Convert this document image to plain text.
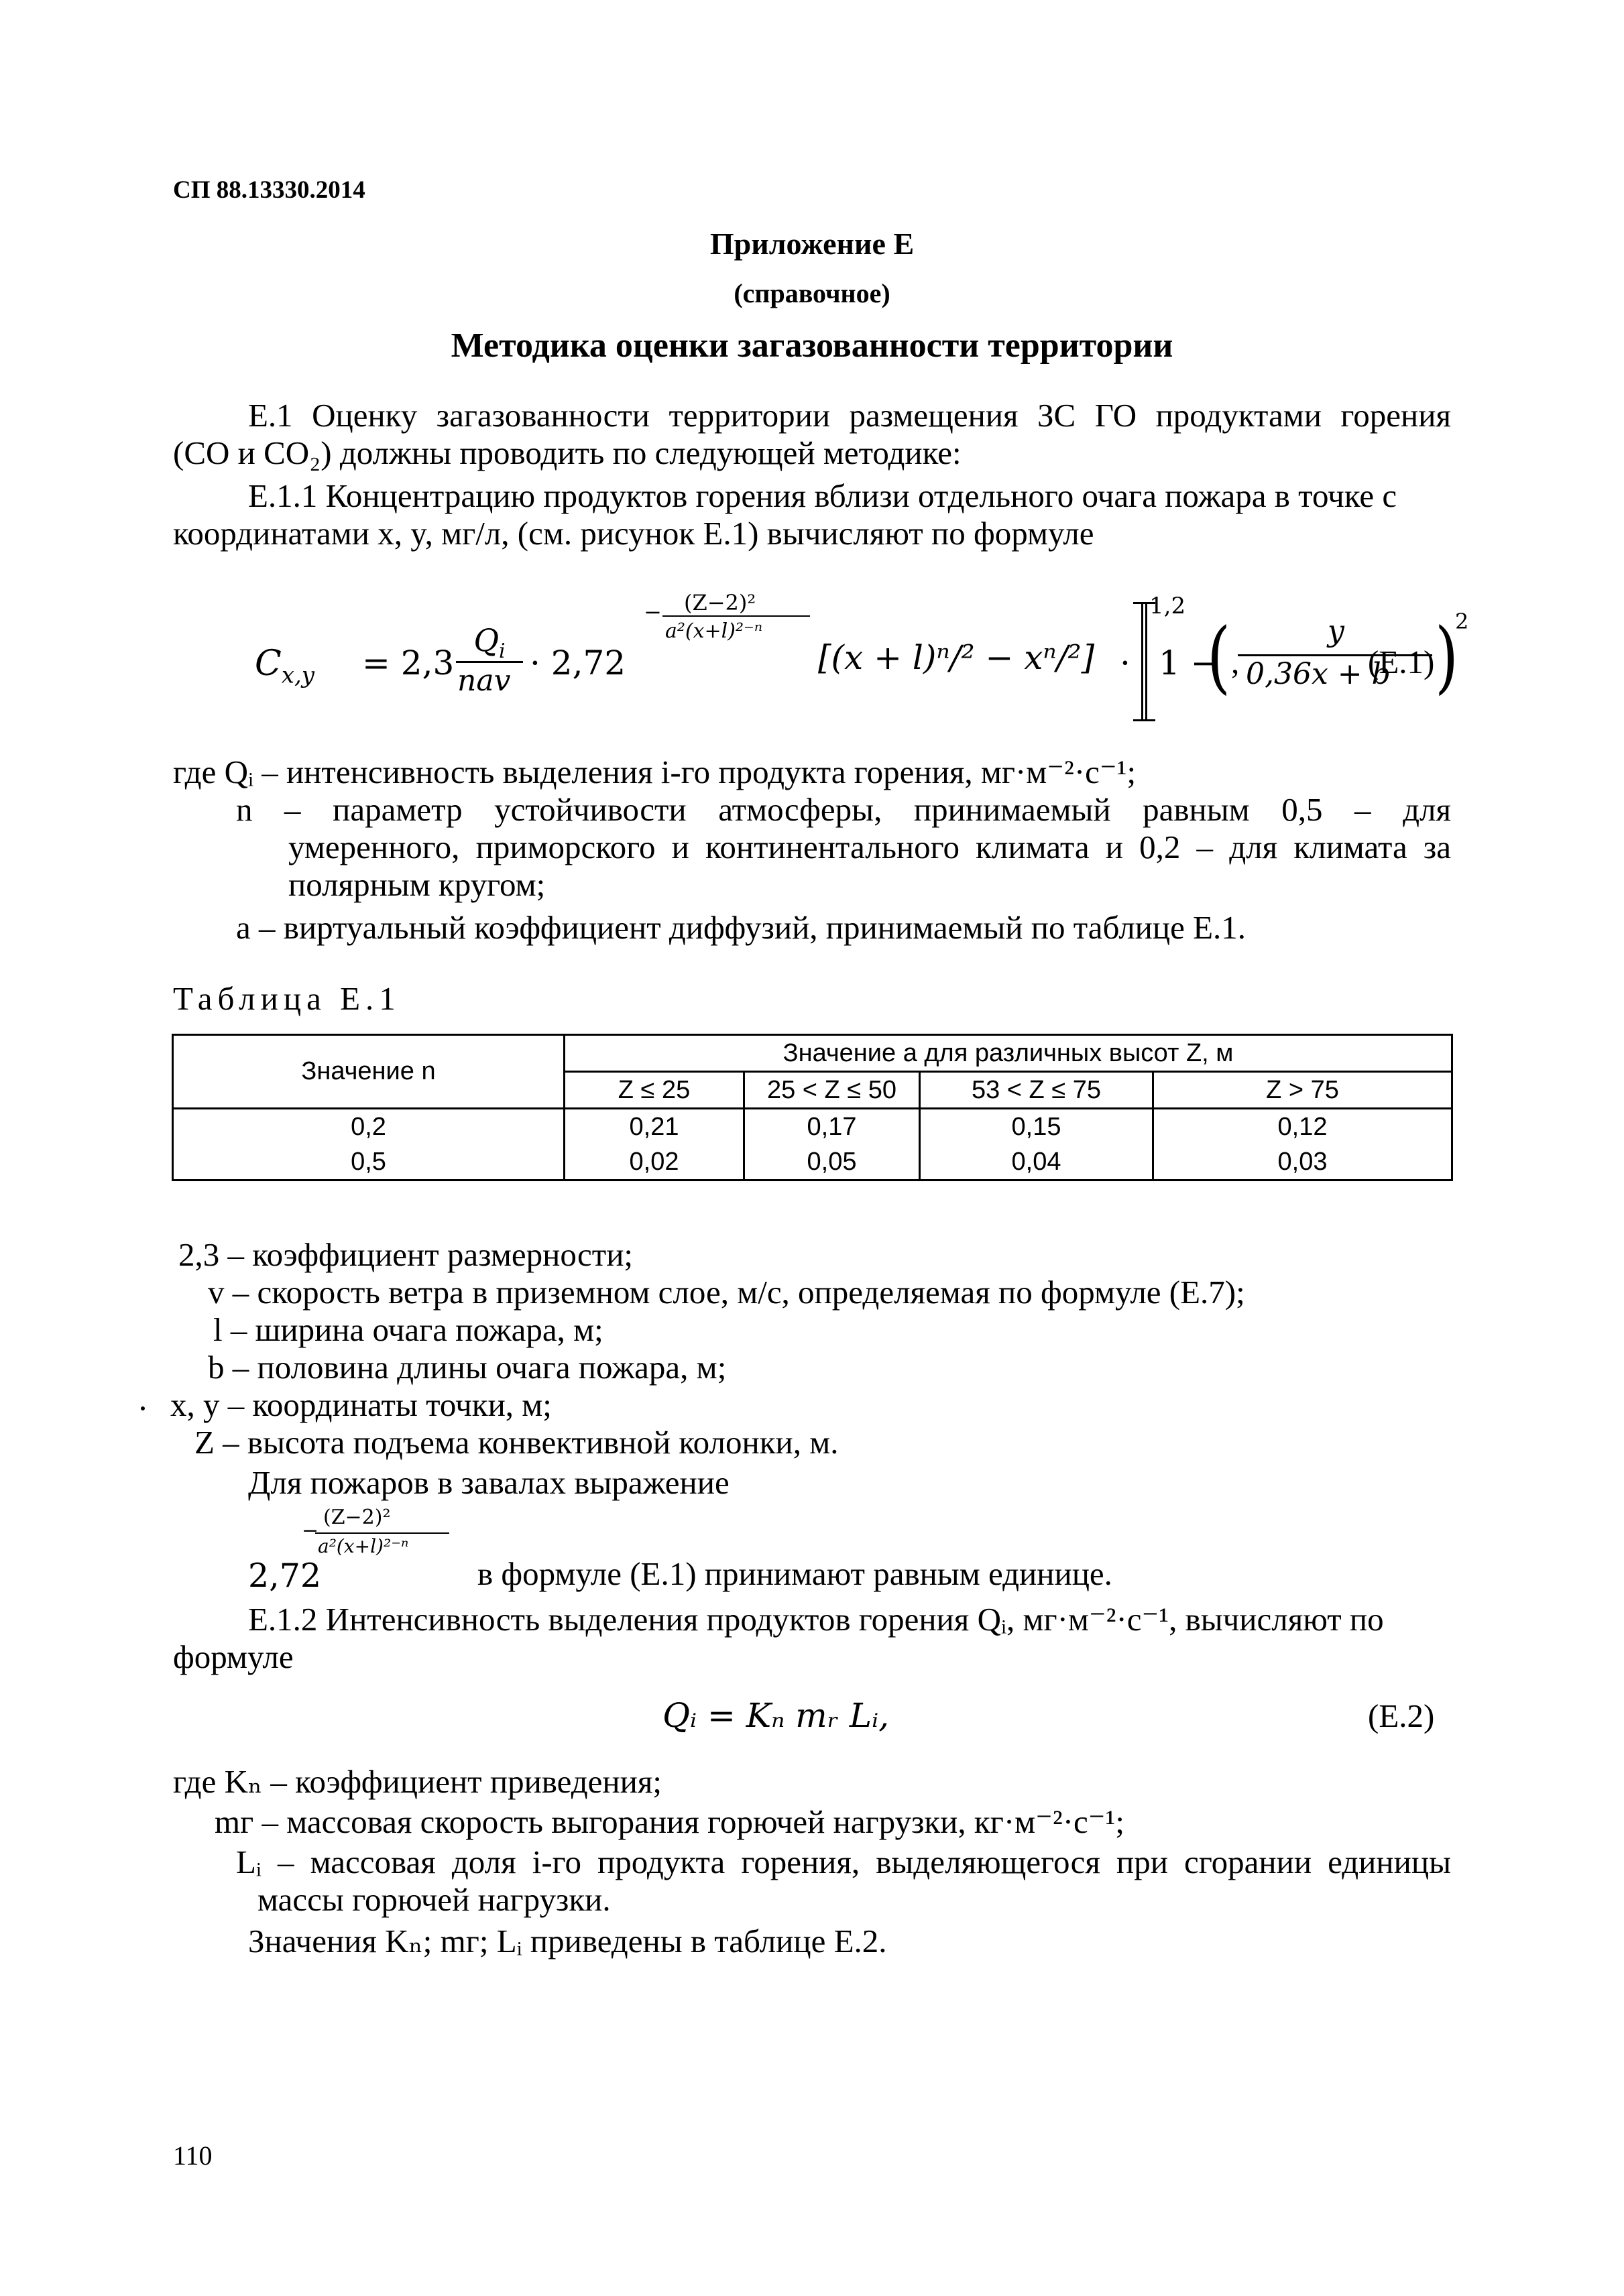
СП 88.13330.2014
Приложение Е
(справочное)
Методика оценки загазованности территории
Е.1 Оценку загазованности территории размещения ЗС ГО продуктами горения
(СО и СО₂) должны проводить по следующей методике:
Е.1.1 Концентрацию продуктов горения вблизи отдельного очага пожара в точке с
координатами x, y, мг/л, (см. рисунок Е.1) вычисляют по формуле
$C_{x,y} = 2,3$
$Q_i$
nav · 2,72
− (Z−2)²
a²(x+l)²⁻ⁿ
[(x + l)ⁿ/² − xⁿ/²] · 1 −
(	y
0,36x + b )
2
1,2
,	(Е.1)
где Qᵢ – интенсивность выделения i-го продукта горения, мг·м⁻²·с⁻¹;
n – параметр устойчивости атмосферы, принимаемый равным 0,5 – для
умеренного, приморского и континентального климата и 0,2 – для климата за
полярным кругом;
a – виртуальный коэффициент диффузий, принимаемый по таблице Е.1.
Таблица Е.1
Значение n	Значение a для различных высот Z, м			
	Z ≤ 25	25 < Z ≤ 50	53 < Z ≤ 75	Z > 75
0,2	0,21	0,17	0,15	0,12
0,5	0,02	0,05	0,04	0,03
2,3 – коэффициент размерности;
v – скорость ветра в приземном слое, м/с, определяемая по формуле (Е.7);
l – ширина очага пожара, м;
b – половина длины очага пожара, м;
x, y – координаты точки, м;
Z – высота подъема конвективной колонки, м.
Для пожаров в завалах выражение
(Z−2)²
−
a²(x+l)²⁻ⁿ
2,72	в формуле (Е.1) принимают равным единице.
Е.1.2 Интенсивность выделения продуктов горения Qᵢ, мг·м⁻²·с⁻¹, вычисляют по
формуле
Qᵢ = Kₙ mᵣ Lᵢ,	(Е.2)
где Kₙ – коэффициент приведения;
mг – массовая скорость выгорания горючей нагрузки, кг·м⁻²·с⁻¹;
Lᵢ – массовая доля i-го продукта горения, выделяющегося при сгорании единицы
массы горючей нагрузки.
Значения Kₙ; mг; Lᵢ приведены в таблице Е.2.
110
